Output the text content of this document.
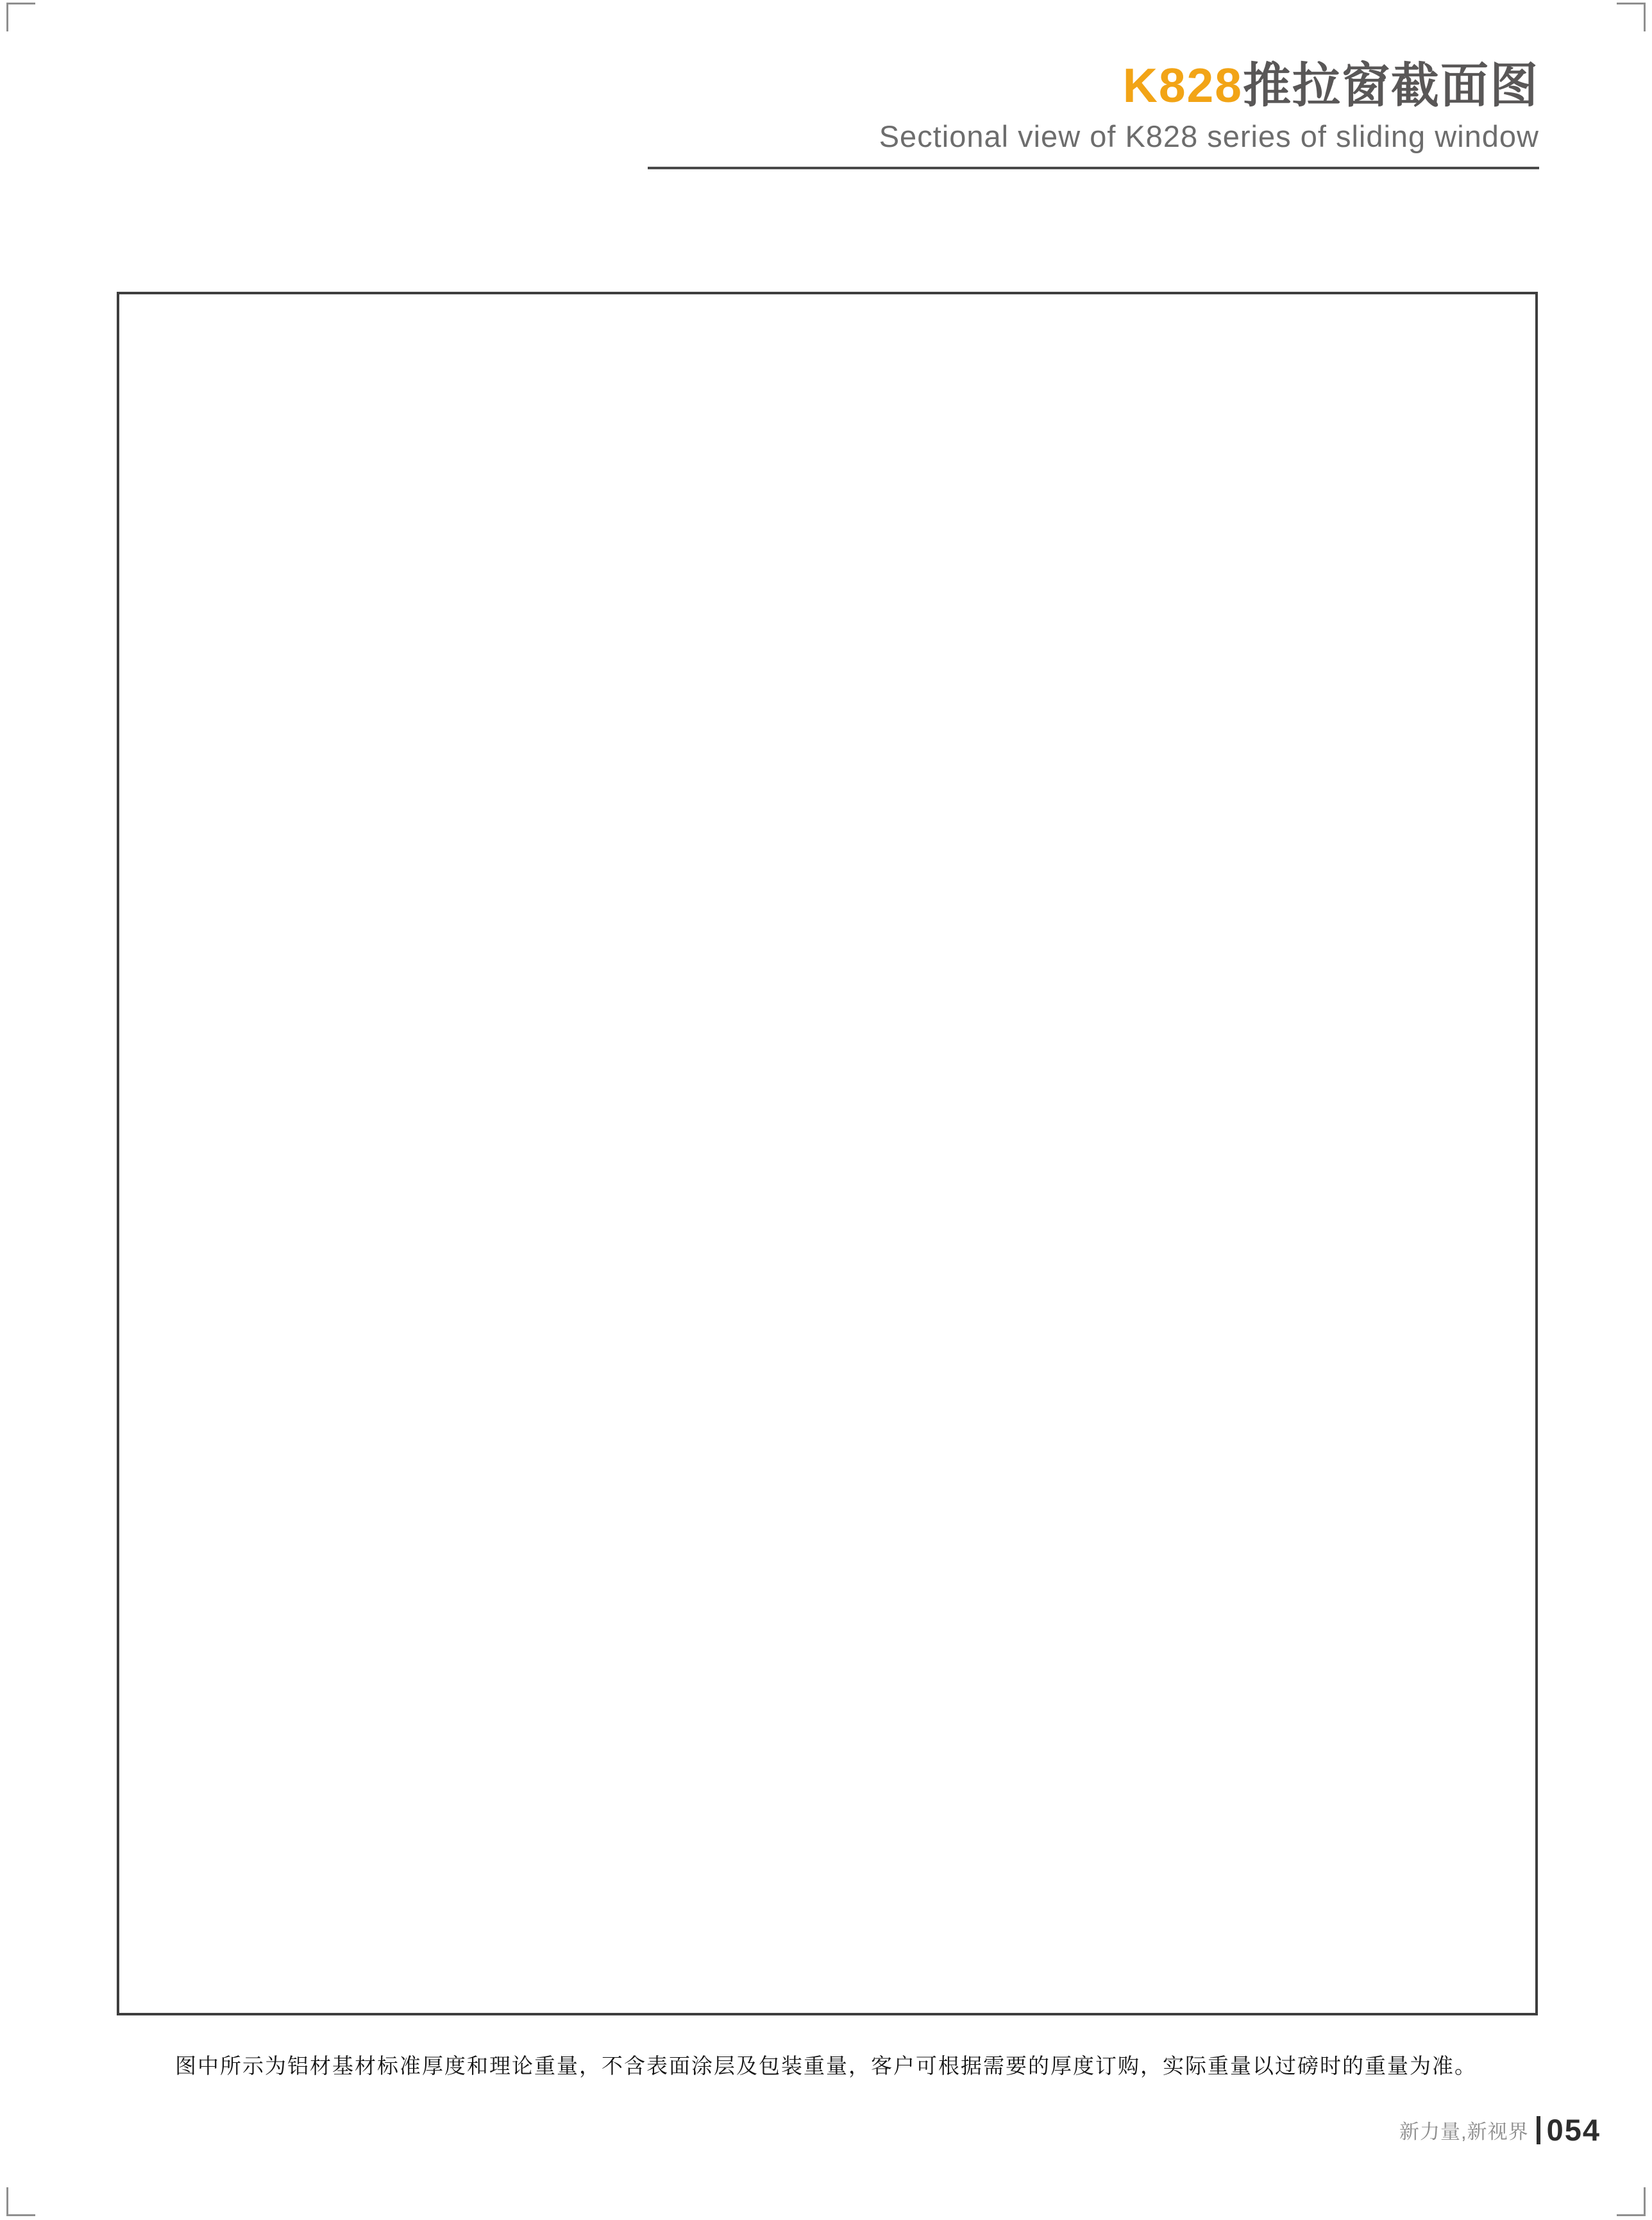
K828推拉窗截面图
Sectional view of K828 series of sliding window
图中所示为铝材基材标准厚度和理论重量，不含表面涂层及包装重量，客户可根据需要的厚度订购，实际重量以过磅时的重量为准。
新力量,新视界 054
